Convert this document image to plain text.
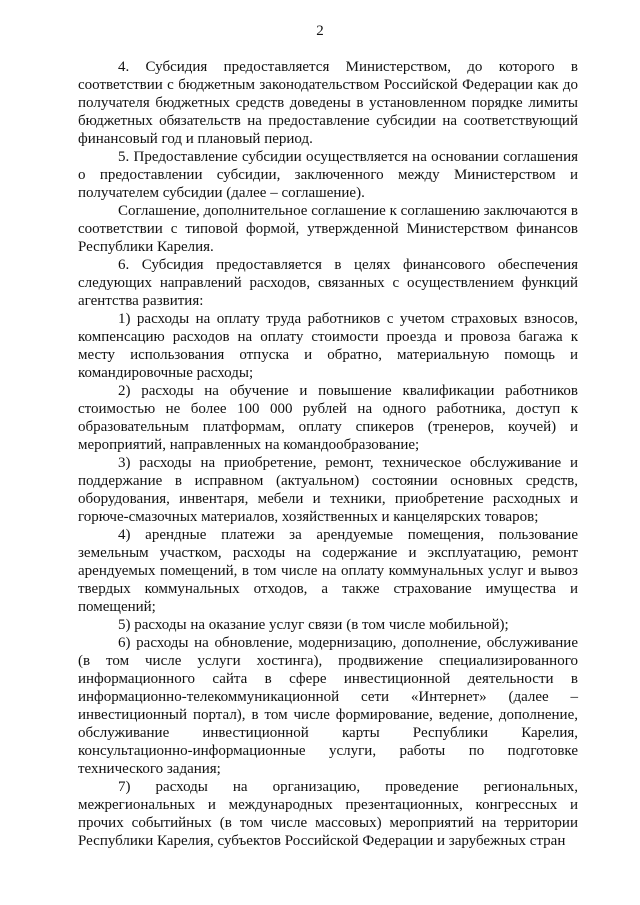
2

4. Субсидия предоставляется Министерством, до которого в соответствии с бюджетным законодательством Российской Федерации как до получателя бюджетных средств доведены в установленном порядке лимиты бюджетных обязательств на предоставление субсидии на соответствующий финансовый год и плановый период.

5. Предоставление субсидии осуществляется на основании соглашения о предоставлении субсидии, заключенного между Министерством и получателем субсидии (далее – соглашение).

Соглашение, дополнительное соглашение к соглашению заключаются в соответствии с типовой формой, утвержденной Министерством финансов Республики Карелия.

6. Субсидия предоставляется в целях финансового обеспечения следующих направлений расходов, связанных с осуществлением функций агентства развития:

1) расходы на оплату труда работников с учетом страховых взносов, компенсацию расходов на оплату стоимости проезда и провоза багажа к месту использования отпуска и обратно, материальную помощь и командировочные расходы;

2) расходы на обучение и повышение квалификации работников стоимостью не более 100 000 рублей на одного работника, доступ к образовательным платформам, оплату спикеров (тренеров, коучей) и мероприятий, направленных на командообразование;

3) расходы на приобретение, ремонт, техническое обслуживание и поддержание в исправном (актуальном) состоянии основных средств, оборудования, инвентаря, мебели и техники, приобретение расходных и горюче-смазочных материалов, хозяйственных и канцелярских товаров;

4) арендные платежи за арендуемые помещения, пользование земельным участком, расходы на содержание и эксплуатацию, ремонт арендуемых помещений, в том числе на оплату коммунальных услуг и вывоз твердых коммунальных отходов, а также страхование имущества и помещений;

5) расходы на оказание услуг связи (в том числе мобильной);

6) расходы на обновление, модернизацию, дополнение, обслуживание (в том числе услуги хостинга), продвижение специализированного информационного сайта в сфере инвестиционной деятельности в информационно-телекоммуникационной сети «Интернет» (далее – инвестиционный портал), в том числе формирование, ведение, дополнение, обслуживание инвестиционной карты Республики Карелия, консультационно-информационные услуги, работы по подготовке технического задания;

7) расходы на организацию, проведение региональных, межрегиональных и международных презентационных, конгрессных и прочих событийных (в том числе массовых) мероприятий на территории Республики Карелия, субъектов Российской Федерации и зарубежных стран
